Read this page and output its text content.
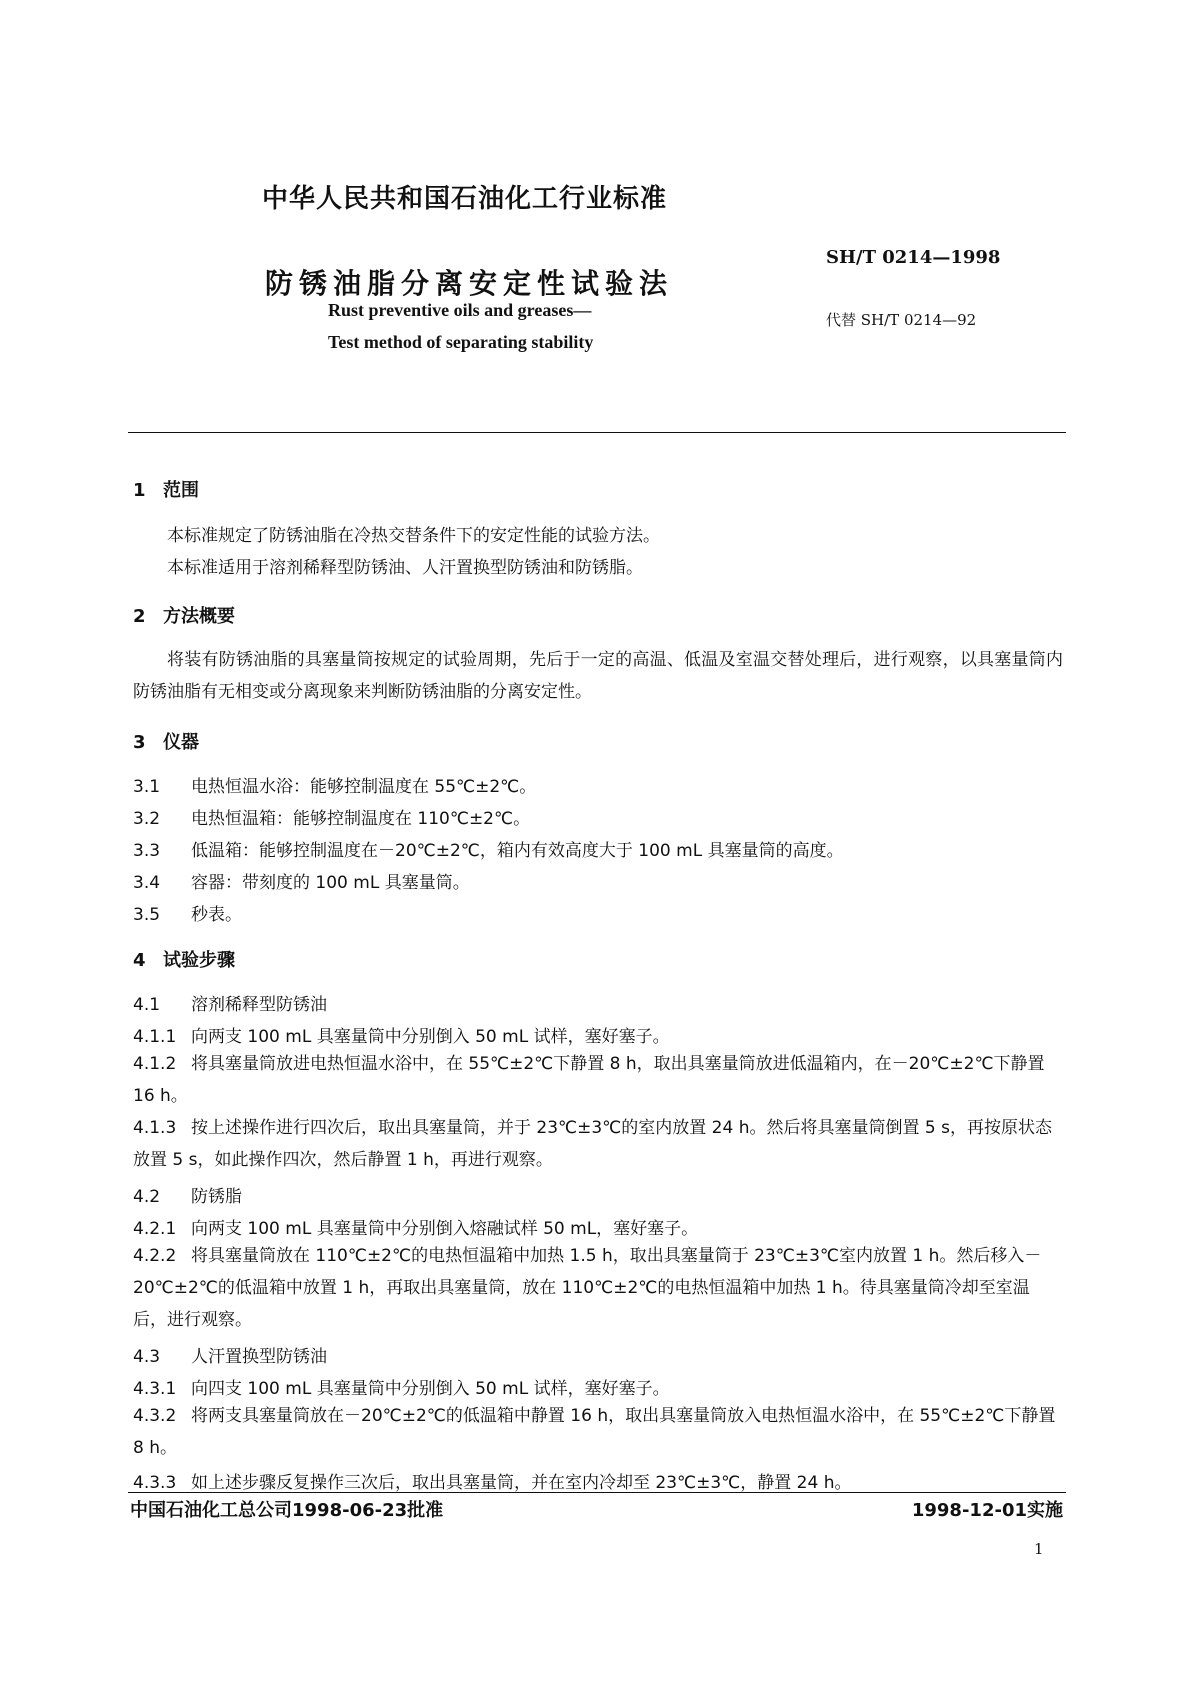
中华人民共和国石油化工行业标准
防锈油脂分离安定性试验法
SH/T 0214—1998
代替 SH/T 0214—92
Rust preventive oils and greases—
Test method of separating stability
1 范围
本标准规定了防锈油脂在冷热交替条件下的安定性能的试验方法。
本标准适用于溶剂稀释型防锈油、人汗置换型防锈油和防锈脂。
2 方法概要
将装有防锈油脂的具塞量筒按规定的试验周期，先后于一定的高温、低温及室温交替处理后，进行观察，以具塞量筒内防锈油脂有无相变或分离现象来判断防锈油脂的分离安定性。
3 仪器
3.1 电热恒温水浴：能够控制温度在 55℃±2℃。
3.2 电热恒温箱：能够控制温度在 110℃±2℃。
3.3 低温箱：能够控制温度在－20℃±2℃，箱内有效高度大于 100 mL 具塞量筒的高度。
3.4 容器：带刻度的 100 mL 具塞量筒。
3.5 秒表。
4 试验步骤
4.1 溶剂稀释型防锈油
4.1.1 向两支 100 mL 具塞量筒中分别倒入 50 mL 试样，塞好塞子。
4.1.2 将具塞量筒放进电热恒温水浴中，在 55℃±2℃下静置 8 h，取出具塞量筒放进低温箱内，在－20℃±2℃下静置 16 h。
4.1.3 按上述操作进行四次后，取出具塞量筒，并于 23℃±3℃的室内放置 24 h。然后将具塞量筒倒置 5 s，再按原状态放置 5 s，如此操作四次，然后静置 1 h，再进行观察。
4.2 防锈脂
4.2.1 向两支 100 mL 具塞量筒中分别倒入熔融试样 50 mL，塞好塞子。
4.2.2 将具塞量筒放在 110℃±2℃的电热恒温箱中加热 1.5 h，取出具塞量筒于 23℃±3℃室内放置 1 h。然后移入－20℃±2℃的低温箱中放置 1 h，再取出具塞量筒，放在 110℃±2℃的电热恒温箱中加热 1 h。待具塞量筒冷却至室温后，进行观察。
4.3 人汗置换型防锈油
4.3.1 向四支 100 mL 具塞量筒中分别倒入 50 mL 试样，塞好塞子。
4.3.2 将两支具塞量筒放在－20℃±2℃的低温箱中静置 16 h，取出具塞量筒放入电热恒温水浴中，在 55℃±2℃下静置 8 h。
4.3.3 如上述步骤反复操作三次后，取出具塞量筒，并在室内冷却至 23℃±3℃，静置 24 h。
中国石油化工总公司1998-06-23批准	1998-12-01实施
1
